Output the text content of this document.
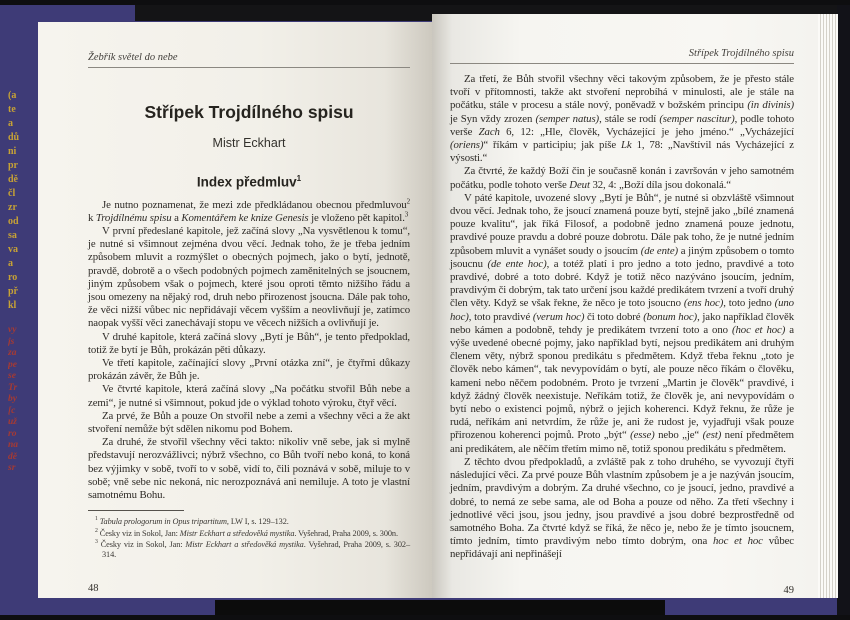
(a
te
a
dů
ni
pr
dě
čl
zr
od
sa
va
a
ro
př
kl
vy
js
za
pe
se
Tr
by
[c
už
ro
na
dě
sr
Žebřík světel do nebe
Střípek Trojdílného spisu
Mistr Eckhart
Index předmluv$^1$

Je nutno poznamenat, že mezi zde předkládanou obecnou předmluvou$^2$ k Trojdílnému spisu a Komentářem ke knize Genesis je vloženo pět kapitol.$^3$

V první předeslané kapitole, jež začíná slovy „Na vysvětlenou k tomu“, je nutné si všimnout zejména dvou věcí. Jednak toho, že je třeba jedním způsobem mluvit a rozmýšlet o obecných pojmech, jako o bytí, jednotě, pravdě, dobrotě a o všech podobných pojmech zaměnitelných se jsoucnem, jiným způsobem však o pojmech, které jsou oproti těmto nižšího řádu a jsou omezeny na nějaký rod, druh nebo přirozenost jsoucna. Dále pak toho, že věci nižší vůbec nic nepřidávají věcem vyšším a neovlivňují je, zatímco naopak vyšší věci zanechávají stopu ve věcech nižších a ovlivňují je.

V druhé kapitole, která začíná slovy „Bytí je Bůh“, je tento předpoklad, totiž že bytí je Bůh, prokázán pěti důkazy.

Ve třetí kapitole, začínající slovy „První otázka zní“, je čtyřmi důkazy prokázán závěr, že Bůh je.

Ve čtvrté kapitole, která začíná slovy „Na počátku stvořil Bůh nebe a zemi“, je nutné si všimnout, pokud jde o výklad tohoto výroku, čtyř věcí.

Za prvé, že Bůh a pouze On stvořil nebe a zemi a všechny věci a že akt stvoření nemůže být sdělen nikomu pod Bohem.

Za druhé, že stvořil všechny věci takto: nikoliv vně sebe, jak si mylně představují nerozvážlivci; nýbrž všechno, co Bůh tvoří nebo koná, to koná bez výjimky v sobě, tvoří to v sobě, vidí to, čili poznává v sobě, miluje to v sobě; vně sebe nic nekoná, nic nerozpoznává ani nemiluje. A toto je vlastní samotnému Bohu.

$^1$ Tabula prologorum in Opus tripartitum, LW I, s. 129–132.

$^2$ Česky viz in Sokol, Jan: Mistr Eckhart a středověká mystika. Vyšehrad, Praha 2009, s. 300n.

$^3$ Česky viz in Sokol, Jan: Mistr Eckhart a středověká mystika. Vyšehrad, Praha 2009, s. 302–314.

48
Střípek Trojdílného spisu

Za třetí, že Bůh stvořil všechny věci takovým způsobem, že je přesto stále tvoří v přítomnosti, takže akt stvoření neprobíhá v minulosti, ale je stále na počátku, stále v procesu a stále nový, poněvadž v božském principu (in divinis) je Syn vždy zrozen (semper natus), stále se rodí (semper nascitur), podle tohoto verše Zach 6, 12: „Hle, člověk, Vycházející je jeho jméno.“ „Vycházející (oriens)“ říkám v participiu; jak píše Lk 1, 78: „Navštívil nás Vycházející z výsosti.“

Za čtvrté, že každý Boží čin je současně konán i završován v jeho samotném počátku, podle tohoto verše Deut 32, 4: „Boží díla jsou dokonalá.“

V páté kapitole, uvozené slovy „Bytí je Bůh“, je nutné si obzvláště všimnout dvou věcí. Jednak toho, že jsoucí znamená pouze bytí, stejně jako „bílé znamená pouze kvalitu“, jak říká Filosof, a podobně jedno znamená pouze jednotu, pravdivé pouze pravdu a dobré pouze dobrotu. Dále pak toho, že je nutné jedním způsobem mluvit a vynášet soudy o jsoucím (de ente) a jiným způsobem o tomto jsoucnu (de ente hoc), a totéž platí i pro jedno a toto jedno, pravdivé a toto pravdivé, dobré a toto dobré. Když je totiž něco nazýváno jsoucím, jedním, pravdivým či dobrým, tak tato určení jsou každé predikátem tvrzení a tvoří druhý člen věty. Když se však řekne, že něco je toto jsoucno (ens hoc), toto jedno (uno hoc), toto pravdivé (verum hoc) či toto dobré (bonum hoc), jako například člověk nebo kámen a podobně, tehdy je predikátem tvrzení toto a ono (hoc et hoc) a výše uvedené obecné pojmy, jako například bytí, nejsou predikátem ani druhým členem věty, nýbrž sponou predikátu s předmětem. Když třeba řeknu „toto je člověk nebo kámen“, tak nevypovídám o bytí, ale pouze něco říkám o člověku, kameni nebo něčem podobném. Proto je tvrzení „Martin je člověk“ pravdivé, i když žádný člověk neexistuje. Neříkám totiž, že člověk je, ani nevypovídám o bytí nebo o existenci pojmů, nýbrž o jejich koherenci. Když řeknu, že růže je rudá, neříkám ani netvrdím, že růže je, ani že rudost je, vyjadřuji však pouze přirozenou koherenci pojmů. Proto „být“ (esse) nebo „je“ (est) není předmětem ani predikátem, ale něčím třetím mimo ně, totiž sponou predikátu s předmětem.

Z těchto dvou předpokladů, a zvláště pak z toho druhého, se vyvozují čtyři následující věci. Za prvé pouze Bůh vlastním způsobem je a je nazýván jsoucím, jedním, pravdivým a dobrým. Za druhé všechno, co je jsoucí, jedno, pravdivé a dobré, to nemá ze sebe sama, ale od Boha a pouze od něho. Za třetí všechny i jednotlivé věci jsou, jsou jedny, jsou pravdivé a jsou dobré bezprostředně od samotného Boha. Za čtvrté když se říká, že něco je, nebo že je tímto jsoucnem, tímto jedním, tímto pravdivým nebo tímto dobrým, ona hoc et hoc vůbec nepřidávají ani nepřinášejí

49
